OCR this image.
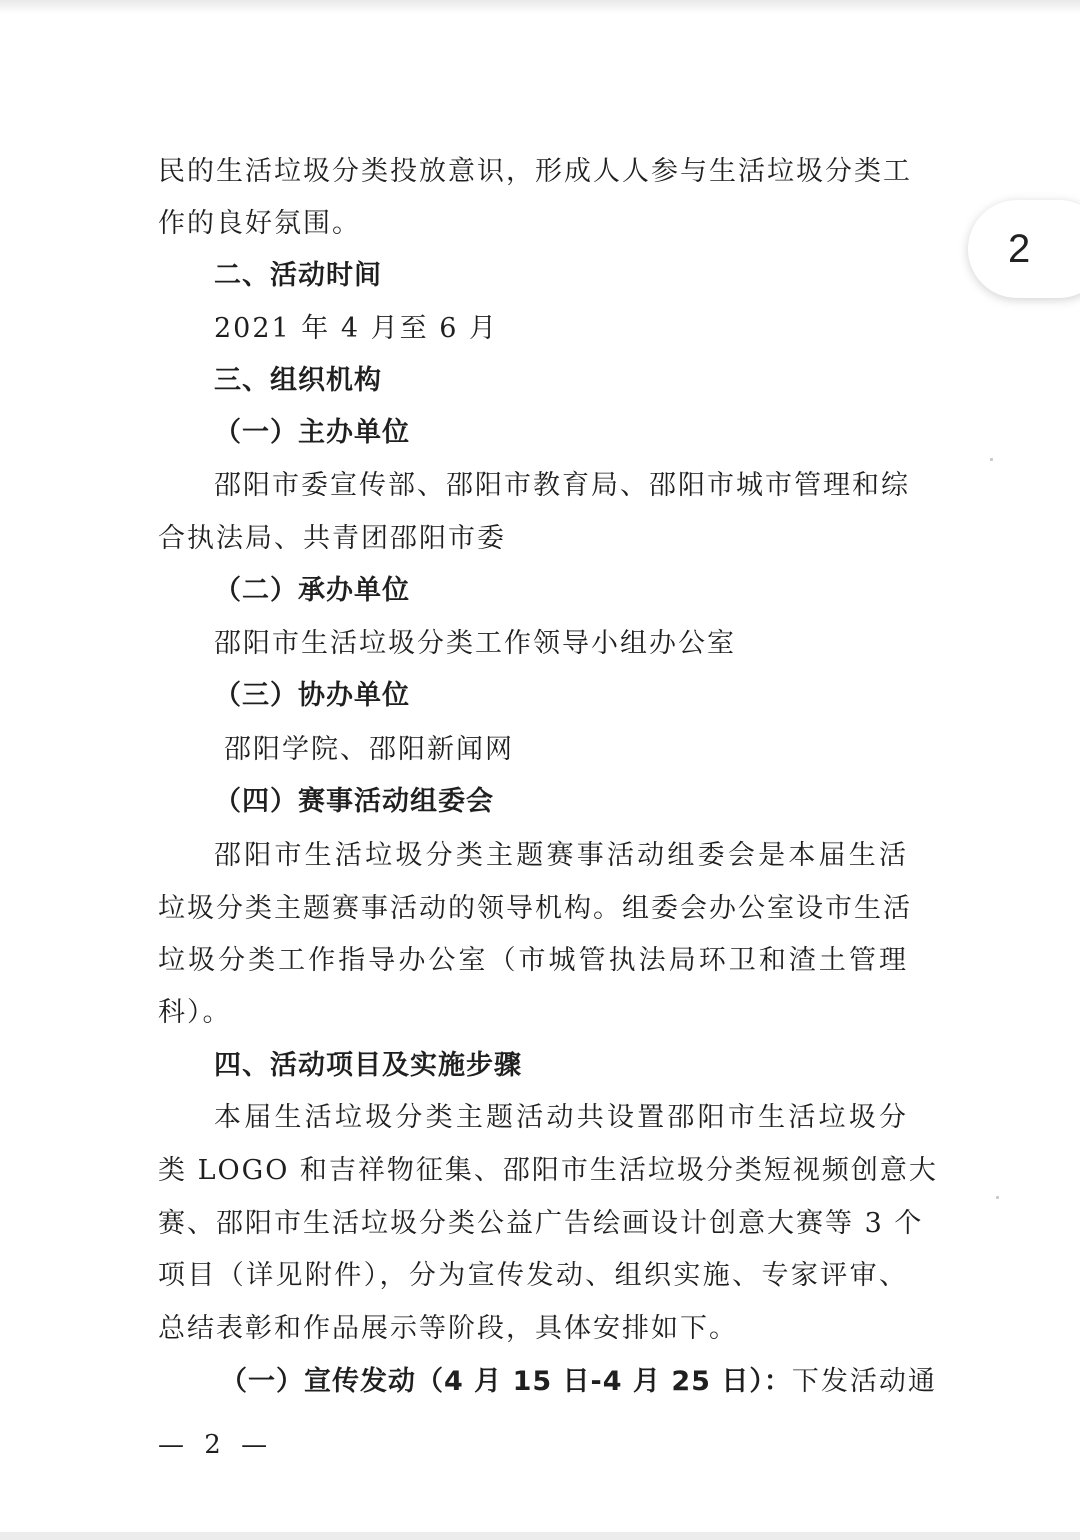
民的生活垃圾分类投放意识，形成人人参与生活垃圾分类工
作的良好氛围。
二、活动时间
2021 年 4 月至 6 月
三、组织机构
（一）主办单位
邵阳市委宣传部、邵阳市教育局、邵阳市城市管理和综
合执法局、共青团邵阳市委
（二）承办单位
邵阳市生活垃圾分类工作领导小组办公室
（三）协办单位
邵阳学院、邵阳新闻网
（四）赛事活动组委会
邵阳市生活垃圾分类主题赛事活动组委会是本届生活
垃圾分类主题赛事活动的领导机构。组委会办公室设市生活
垃圾分类工作指导办公室（市城管执法局环卫和渣土管理
科）。
四、活动项目及实施步骤
本届生活垃圾分类主题活动共设置邵阳市生活垃圾分
类 LOGO 和吉祥物征集、邵阳市生活垃圾分类短视频创意大
赛、邵阳市生活垃圾分类公益广告绘画设计创意大赛等 3 个
项目（详见附件），分为宣传发动、组织实施、专家评审、
总结表彰和作品展示等阶段，具体安排如下。
（一）宣传发动（4 月 15 日-4 月 25 日）：下发活动通
— 2 —
2
